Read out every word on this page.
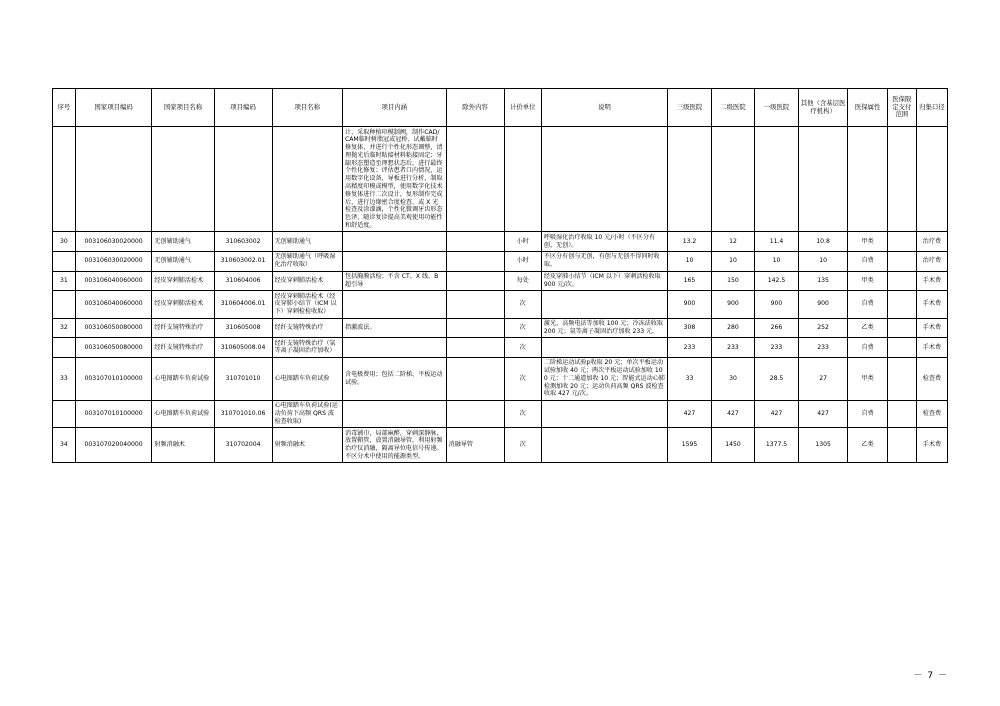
序号	国家项目编码	国家项目名称	项目编码	项目名称	项目内涵	除外内容	计价单位	说明	三级医院	二级医院	一级医院	其他（含基层医疗机构）	医保属性	医保限定支付范围	归集口径
					计，采取种植印模制阙，制作CAD/CAM临时树脂冠或冠桥、试戴临时修复体，并进行个性化形态调整，清理抛光后临时粘接材料粘接固定；牙龈形态塑造至理想状态后，进行最终个性化修复；评估患者口内情况，运用数字化设备、导板进行分析，制取高精度印模或模型，使用数字化技术修复体进行二次设计，复形制作完成后，进行边缘密合度检查、或 X 光检查及涂漆滴，个性化微调牙齿形态色泽，随诊复诊提高美观使用功能性和舒适度。										
30	003106030020000	无创辅助通气	310603002	无创辅助通气			小时	呼吸湿化治疗收取 10 元/小时（不区分有创、无创）。	13.2	12	11.4	10.8	甲类		治疗费
	003106030020000	无创辅助通气	310603002.01	无创辅助通气（呼吸湿化治疗收取）			小时	不区分有创与无创，有创与无创不得同时收取。	10	10	10	10	自费		治疗费
31	003106040060000	经皮穿刺肺活检术	310604006	经皮穿刺肺活检术	包括胸膜活检；不含 CT、X 线、B 超引导		每处	经皮穿肺小结节（ICM 以下）穿刺活检收取 900 元/次。	165	150	142.5	135	甲类		手术费
	003106040060000	经皮穿刺肺活检术	310604006.01	经皮穿刺肺活检术（经皮穿肺小结节（ICM 以下）穿刺检检收取）			次		900	900	900	900	自费		手术费
32	003106050080000	经纤支镜特殊治疗	310605008	经纤支镜特殊治疗	指激波法。		次	激光、高频电法等加收 100 元；冷冻法收取 200 元；氩等离子凝固治疗加收 233 元。	308	280	266	252	乙类		手术费
	003106050080000	经纤支镜特殊治疗	310605008.04	经纤支镜特殊治疗（氩等离子凝固治疗加收）			次		233	233	233	233	自费		手术费
33	003107010100000	心电图踏车负荷试验	310701010	心电图踏车负荷试验	含电极费用；包括二阶梯、平板运动试验。		次	二阶梯运动试验բ收取 20 元；单次平板运动试验加收 40 元；两次平板运动试验加收 100 元；十二通道加收 10 元；智能式运动心肺检测加收 20 元；运动负荷高频 QRS 波检查收取 427 元/次。	33	30	28.5	27	甲类		检查费
	003107010100000	心电图踏车负荷试验	310701010.06	心电图踏车负荷试验(运动负荷下高频 QRS 波检查收取)			次		427	427	427	427	自费		检查费
34	003107020040000	射频消融术	310702004	射频消融术	消毒铺巾，局部麻醉，穿刺深静脉，放置鞘管，放置消融导管，利用射频治疗仪消融，隔离异位电信号传递。不区分术中使用的能源类型。	消融导管	次		1595	1450	1377.5	1305	乙类		手术费
－ 7 －
